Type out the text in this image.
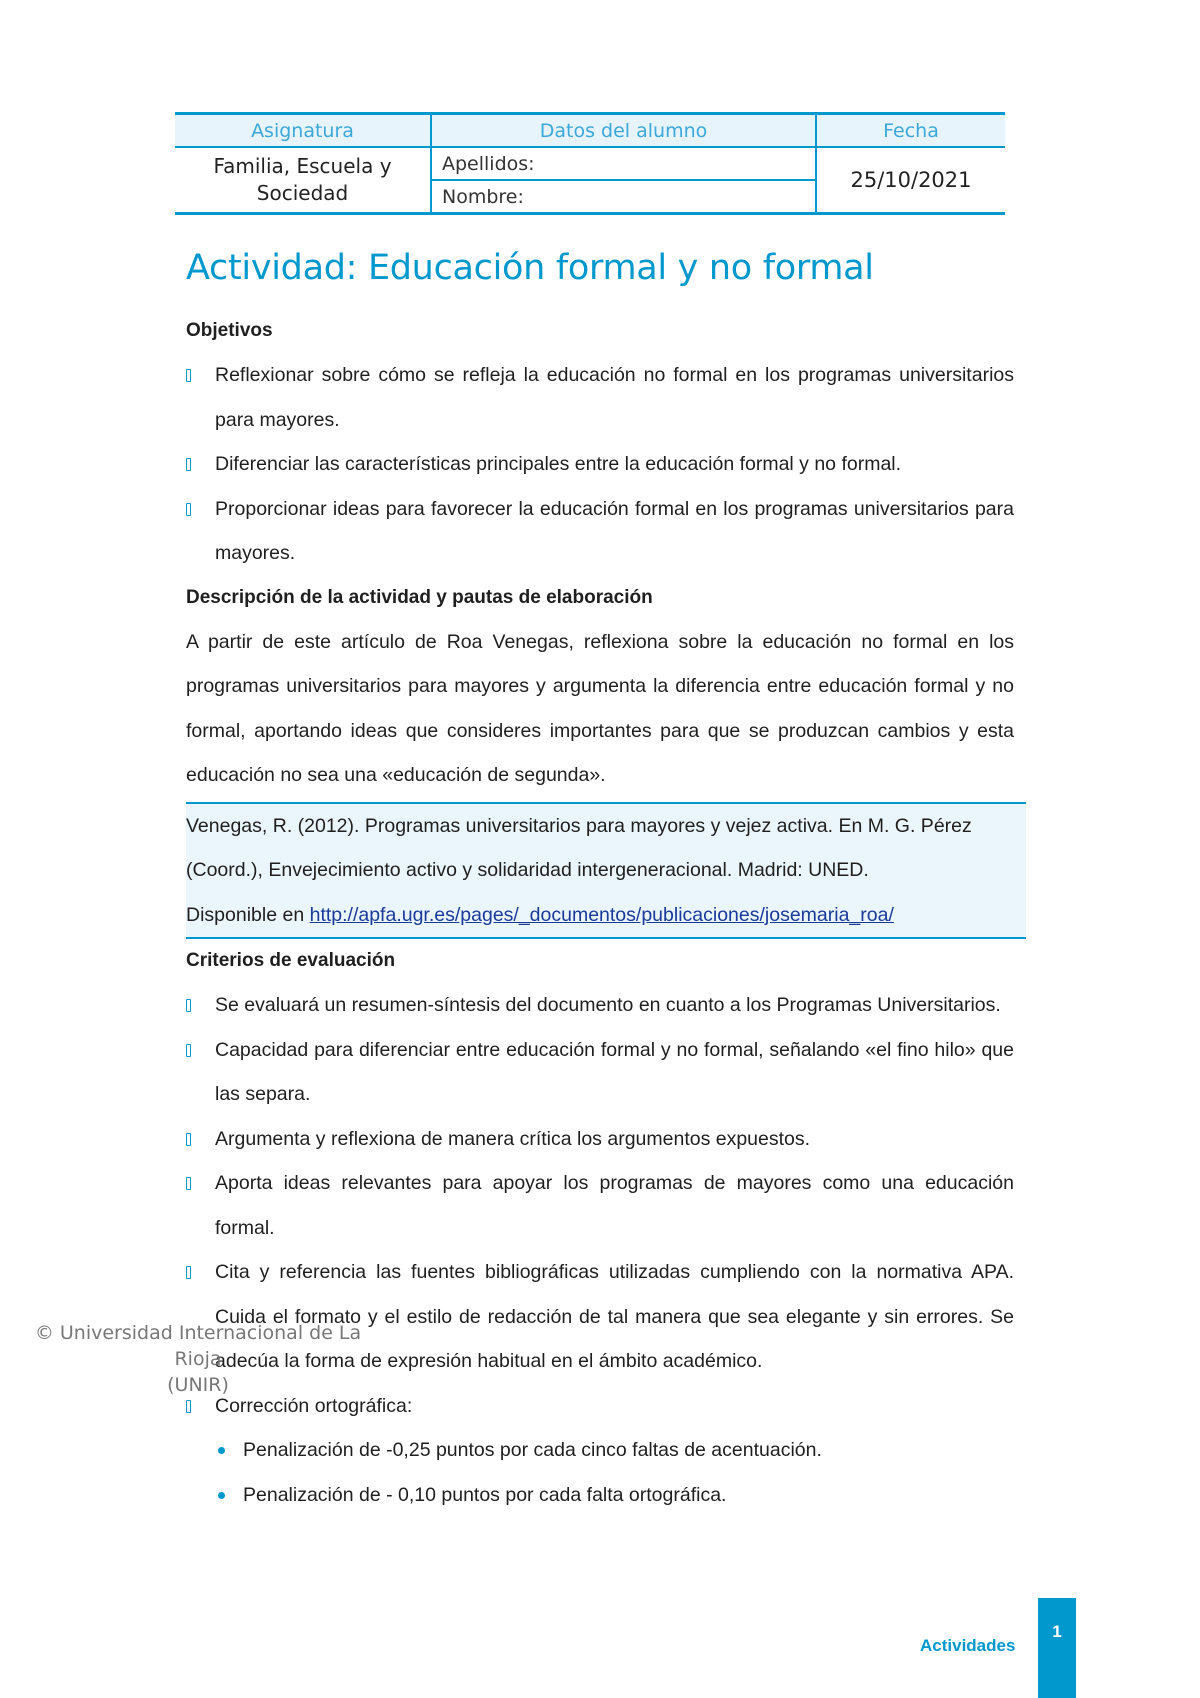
Asignatura	Datos del alumno	Fecha

Familia, Escuela y
Sociedad	Apellidos:	25/10/2021
	Nombre:	
Actividad: Educación formal y no formal

Objetivos

Reflexionar sobre cómo se refleja la educación no formal en los programas universitarios para mayores.
Diferenciar las características principales entre la educación formal y no formal.
Proporcionar ideas para favorecer la educación formal en los programas universitarios para mayores.

Descripción de la actividad y pautas de elaboración

A partir de este artículo de Roa Venegas, reflexiona sobre la educación no formal en los programas universitarios para mayores y argumenta la diferencia entre educación formal y no formal, aportando ideas que consideres importantes para que se produzcan cambios y esta educación no sea una «educación de segunda».

Venegas, R. (2012). Programas universitarios para mayores y vejez activa. En M. G. Pérez (Coord.), Envejecimiento activo y solidaridad intergeneracional. Madrid: UNED.
Disponible en http://apfa.ugr.es/pages/_documentos/publicaciones/josemaria_roa/

Criterios de evaluación

Se evaluará un resumen-síntesis del documento en cuanto a los Programas Universitarios.
Capacidad para diferenciar entre educación formal y no formal, señalando «el fino hilo» que las separa.
Argumenta y reflexiona de manera crítica los argumentos expuestos.
Aporta ideas relevantes para apoyar los programas de mayores como una educación formal.
Cita y referencia las fuentes bibliográficas utilizadas cumpliendo con la normativa APA. Cuida el formato y el estilo de redacción de tal manera que sea elegante y sin errores. Se adecúa la forma de expresión habitual en el ámbito académico.
Corrección ortográfica:
Penalización de -0,25 puntos por cada cinco faltas de acentuación.
Penalización de - 0,10 puntos por cada falta ortográfica.
© Universidad Internacional de La Rioja
(UNIR)
Actividades
1
